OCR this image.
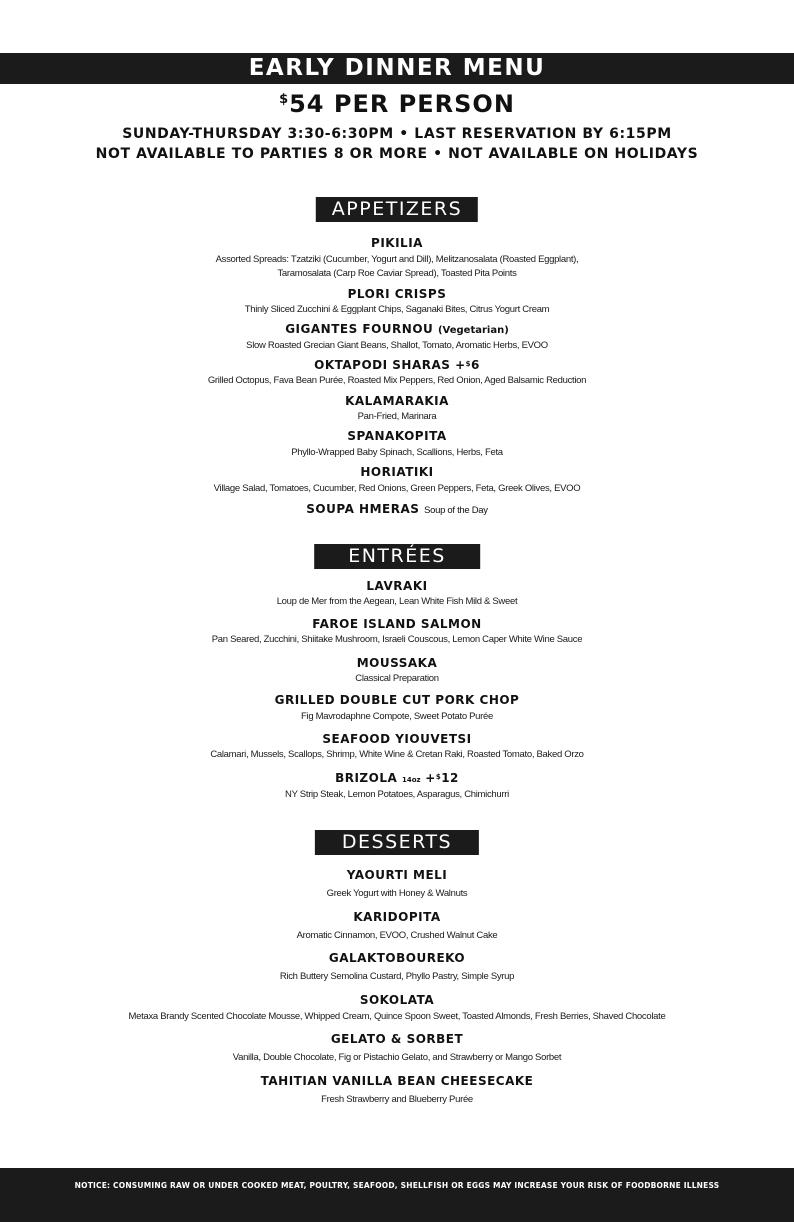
EARLY DINNER MENU
$54 PER PERSON
SUNDAY-THURSDAY 3:30-6:30PM • LAST RESERVATION BY 6:15PM
NOT AVAILABLE TO PARTIES 8 OR MORE • NOT AVAILABLE ON HOLIDAYS
APPETIZERS
PIKILIA
Assorted Spreads: Tzatziki (Cucumber, Yogurt and Dill), Melitzanosalata (Roasted Eggplant),
Taramosalata (Carp Roe Caviar Spread), Toasted Pita Points
PLORI CRISPS
Thinly Sliced Zucchini & Eggplant Chips, Saganaki Bites, Citrus Yogurt Cream
GIGANTES FOURNOU (Vegetarian)
Slow Roasted Grecian Giant Beans, Shallot, Tomato, Aromatic Herbs, EVOO
OKTAPODI SHARAS +$6
Grilled Octopus, Fava Bean Purée, Roasted Mix Peppers, Red Onion, Aged Balsamic Reduction
KALAMARAKIA
Pan-Fried, Marinara
SPANAKOPITA
Phyllo-Wrapped Baby Spinach, Scallions, Herbs, Feta
HORIATIKI
Village Salad, Tomatoes, Cucumber, Red Onions, Green Peppers, Feta, Greek Olives, EVOO
SOUPA HMERAS Soup of the Day
ENTRÉES
LAVRAKI
Loup de Mer from the Aegean, Lean White Fish Mild & Sweet
FAROE ISLAND SALMON
Pan Seared, Zucchini, Shiitake Mushroom, Israeli Couscous, Lemon Caper White Wine Sauce
MOUSSAKA
Classical Preparation
GRILLED DOUBLE CUT PORK CHOP
Fig Mavrodaphne Compote, Sweet Potato Purée
SEAFOOD YIOUVETSI
Calamari, Mussels, Scallops, Shrimp, White Wine & Cretan Raki, Roasted Tomato, Baked Orzo
BRIZOLA 14oz +$12
NY Strip Steak, Lemon Potatoes, Asparagus, Chimichurri
DESSERTS
YAOURTI MELI
Greek Yogurt with Honey & Walnuts
KARIDOPITA
Aromatic Cinnamon, EVOO, Crushed Walnut Cake
GALAKTOBOUREKO
Rich Buttery Semolina Custard, Phyllo Pastry, Simple Syrup
SOKOLATA
Metaxa Brandy Scented Chocolate Mousse, Whipped Cream, Quince Spoon Sweet, Toasted Almonds, Fresh Berries, Shaved Chocolate
GELATO & SORBET
Vanilla, Double Chocolate, Fig or Pistachio Gelato, and Strawberry or Mango Sorbet
TAHITIAN VANILLA BEAN CHEESECAKE
Fresh Strawberry and Blueberry Purée
NOTICE: CONSUMING RAW OR UNDER COOKED MEAT, POULTRY, SEAFOOD, SHELLFISH OR EGGS MAY INCREASE YOUR RISK OF FOODBORNE ILLNESS
